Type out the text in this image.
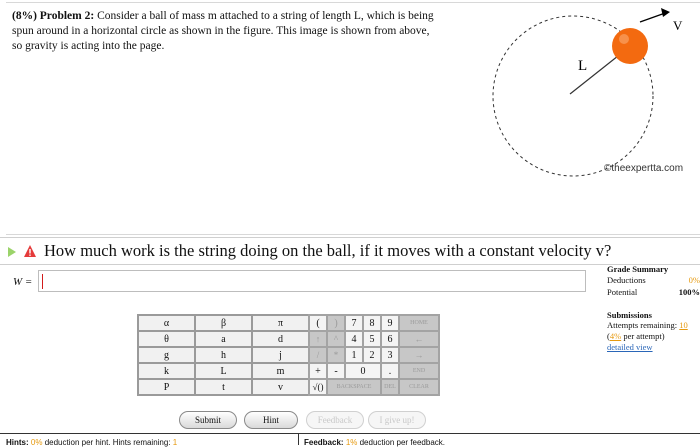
(8%) Problem 2: Consider a ball of mass m attached to a string of length L, which is being spun around in a horizontal circle as shown in the figure. This image is shown from above, so gravity is acting into the page.
L
V
©theexpertta.com
How much work is the string doing on the ball, if it moves with a constant velocity v?
W =
α	β	π
θ	a	d
g	h	j
k	L	m
P	t	v
(	)	7	8	9	HOME
↑	^	4	5	6	←
/	*	1	2	3	→
+	-	0		.	END
√()	BACKSPACE			DEL	CLEAR
Submit	Hint	Feedback	I give up!
Grade Summary
Deductions	0%
Potential	100%
Submissions
Attempts remaining: 10
(4% per attempt)
detailed view
Hints: 0% deduction per hint. Hints remaining: 1	Feedback: 1% deduction per feedback.
